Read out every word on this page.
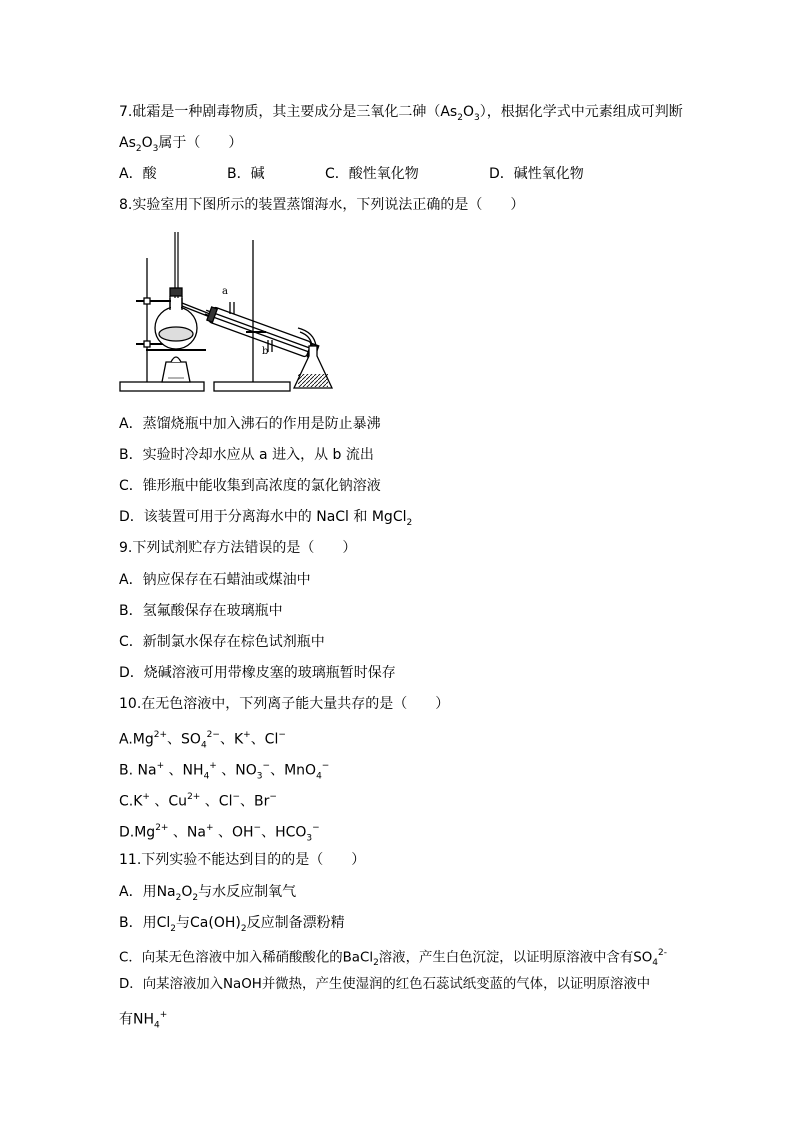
7.砒霜是一种剧毒物质，其主要成分是三氧化二砷$(As_2O_3)$，根据化学式中元素组成可判断
$As_2O_3$属于（　　）
A．酸	B．碱	C．酸性氧化物	D．碱性氧化物
8.实验室用下图所示的装置蒸馏海水，下列说法正确的是（　　）
a
b
A．蒸馏烧瓶中加入沸石的作用是防止暴沸
B．实验时冷却水应从 a 进入，从 b 流出
C．锥形瓶中能收集到高浓度的氯化钠溶液
D．该装置可用于分离海水中的 NaCl 和 MgCl$_2$
9.下列试剂贮存方法错误的是（　　）
A．钠应保存在石蜡油或煤油中
B．氢氟酸保存在玻璃瓶中
C．新制氯水保存在棕色试剂瓶中
D．烧碱溶液可用带橡皮塞的玻璃瓶暂时保存
10.在无色溶液中，下列离子能大量共存的是（　　）
$A.Mg^{2+}$、$SO_4^{2-}$、K+、Cl−
B. Na+ 、$NH_4^+$ 、$NO_3^-$、MnO$_4$−
C.K+ 、$Cu^{2+}$ 、Cl−、Br−
$D.Mg^{2+}$ 、Na+ 、OH−、$HCO_3^-$
11.下列实验不能达到目的的是（　　）
A．用$Na_2O_2$与水反应制氧气
B．用$Cl_2$与$Ca(OH)_2$反应制备漂粉精
C．向某无色溶液中加入稀硝酸酸化的BaCl$_2$溶液，产生白色沉淀，以证明原溶液中含有$SO_4^{2-}$
D．向某溶液加入NaOH并微热，产生使湿润的红色石蕊试纸变蓝的气体，以证明原溶液中
有$NH_4^+$
